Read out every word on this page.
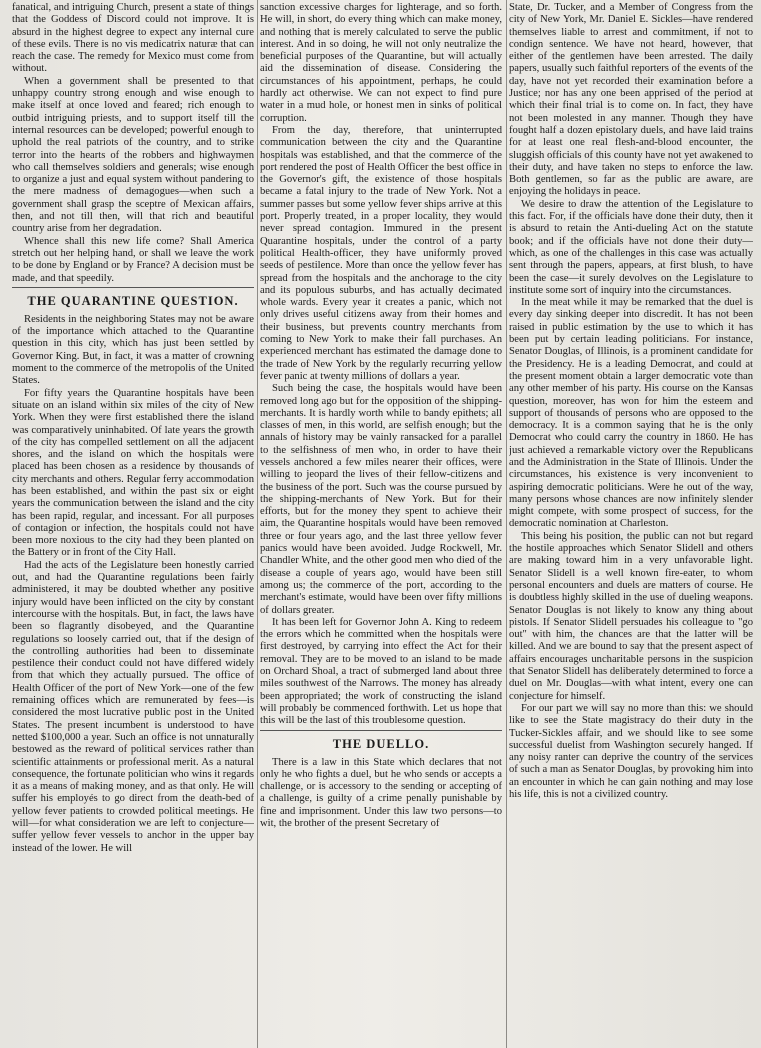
fanatical, and intriguing Church, present a state of things that the Goddess of Discord could not improve. It is absurd in the highest degree to expect any internal cure of these evils. There is no vis medicatrix naturæ that can reach the case. The remedy for Mexico must come from without.

When a government shall be presented to that unhappy country strong enough and wise enough to make itself at once loved and feared; rich enough to outbid intriguing priests, and to support itself till the internal resources can be developed; powerful enough to uphold the real patriots of the country, and to strike terror into the hearts of the robbers and highwaymen who call themselves soldiers and generals; wise enough to organize a just and equal system without pandering to the mere madness of demagogues—when such a government shall grasp the sceptre of Mexican affairs, then, and not till then, will that rich and beautiful country arise from her degradation.

Whence shall this new life come? Shall America stretch out her helping hand, or shall we leave the work to be done by England or by France? A decision must be made, and that speedily.

THE QUARANTINE QUESTION.

Residents in the neighboring States may not be aware of the importance which attached to the Quarantine question in this city, which has just been settled by Governor King. But, in fact, it was a matter of crowning moment to the commerce of the metropolis of the United States.

For fifty years the Quarantine hospitals have been situate on an island within six miles of the city of New York. When they were first established there the island was comparatively uninhabited. Of late years the growth of the city has compelled settlement on all the adjacent shores, and the island on which the hospitals were placed has been chosen as a residence by thousands of city merchants and others. Regular ferry accommodation has been established, and within the past six or eight years the communication between the island and the city has been rapid, regular, and incessant. For all purposes of contagion or infection, the hospitals could not have been more noxious to the city had they been planted on the Battery or in front of the City Hall.

Had the acts of the Legislature been honestly carried out, and had the Quarantine regulations been fairly administered, it may be doubted whether any positive injury would have been inflicted on the city by constant intercourse with the hospitals. But, in fact, the laws have been so flagrantly disobeyed, and the Quarantine regulations so loosely carried out, that if the design of the controlling authorities had been to disseminate pestilence their conduct could not have differed widely from that which they actually pursued. The office of Health Officer of the port of New York—one of the few remaining offices which are remunerated by fees—is considered the most lucrative public post in the United States. The present incumbent is understood to have netted $100,000 a year. Such an office is not unnaturally bestowed as the reward of political services rather than scientific attainments or professional merit. As a natural consequence, the fortunate politician who wins it regards it as a means of making money, and as that only. He will suffer his employés to go direct from the death-bed of yellow fever patients to crowded political meetings. He will—for what consideration we are left to conjecture—suffer yellow fever vessels to anchor in the upper bay instead of the lower. He will

sanction excessive charges for lighterage, and so forth. He will, in short, do every thing which can make money, and nothing that is merely calculated to serve the public interest. And in so doing, he will not only neutralize the beneficial purposes of the Quarantine, but will actually aid the dissemination of disease. Considering the circumstances of his appointment, perhaps, he could hardly act otherwise. We can not expect to find pure water in a mud hole, or honest men in sinks of political corruption.

From the day, therefore, that uninterrupted communication between the city and the Quarantine hospitals was established, and that the commerce of the port rendered the post of Health Officer the best office in the Governor's gift, the existence of those hospitals became a fatal injury to the trade of New York. Not a summer passes but some yellow fever ships arrive at this port. Properly treated, in a proper locality, they would never spread contagion. Immured in the present Quarantine hospitals, under the control of a party political Health-officer, they have uniformly proved seeds of pestilence. More than once the yellow fever has spread from the hospitals and the anchorage to the city and its populous suburbs, and has actually decimated whole wards. Every year it creates a panic, which not only drives useful citizens away from their homes and their business, but prevents country merchants from coming to New York to make their fall purchases. An experienced merchant has estimated the damage done to the trade of New York by the regularly recurring yellow fever panic at twenty millions of dollars a year.

Such being the case, the hospitals would have been removed long ago but for the opposition of the shipping-merchants. It is hardly worth while to bandy epithets; all classes of men, in this world, are selfish enough; but the annals of history may be vainly ransacked for a parallel to the selfishness of men who, in order to have their vessels anchored a few miles nearer their offices, were willing to jeopard the lives of their fellow-citizens and the business of the port. Such was the course pursued by the shipping-merchants of New York. But for their efforts, but for the money they spent to achieve their aim, the Quarantine hospitals would have been removed three or four years ago, and the last three yellow fever panics would have been avoided. Judge Rockwell, Mr. Chandler White, and the other good men who died of the disease a couple of years ago, would have been still among us; the commerce of the port, according to the merchant's estimate, would have been over fifty millions of dollars greater.

It has been left for Governor John A. King to redeem the errors which he committed when the hospitals were first destroyed, by carrying into effect the Act for their removal. They are to be moved to an island to be made on Orchard Shoal, a tract of submerged land about three miles southwest of the Narrows. The money has already been appropriated; the work of constructing the island will probably be commenced forthwith. Let us hope that this will be the last of this troublesome question.

THE DUELLO.

There is a law in this State which declares that not only he who fights a duel, but he who sends or accepts a challenge, or is accessory to the sending or accepting of a challenge, is guilty of a crime penally punishable by fine and imprisonment. Under this law two persons—to wit, the brother of the present Secretary of

State, Dr. Tucker, and a Member of Congress from the city of New York, Mr. Daniel E. Sickles—have rendered themselves liable to arrest and commitment, if not to condign sentence. We have not heard, however, that either of the gentlemen have been arrested. The daily papers, usually such faithful reporters of the events of the day, have not yet recorded their examination before a Justice; nor has any one been apprised of the period at which their final trial is to come on. In fact, they have not been molested in any manner. Though they have fought half a dozen epistolary duels, and have laid trains for at least one real flesh-and-blood encounter, the sluggish officials of this county have not yet awakened to their duty, and have taken no steps to enforce the law. Both gentlemen, so far as the public are aware, are enjoying the holidays in peace.

We desire to draw the attention of the Legislature to this fact. For, if the officials have done their duty, then it is absurd to retain the Anti-dueling Act on the statute book; and if the officials have not done their duty—which, as one of the challenges in this case was actually sent through the papers, appears, at first blush, to have been the case—it surely devolves on the Legislature to institute some sort of inquiry into the circumstances.

In the meat while it may be remarked that the duel is every day sinking deeper into discredit. It has not been raised in public estimation by the use to which it has been put by certain leading politicians. For instance, Senator Douglas, of Illinois, is a prominent candidate for the Presidency. He is a leading Democrat, and could at the present moment obtain a larger democratic vote than any other member of his party. His course on the Kansas question, moreover, has won for him the esteem and support of thousands of persons who are opposed to the democracy. It is a common saying that he is the only Democrat who could carry the country in 1860. He has just achieved a remarkable victory over the Republicans and the Administration in the State of Illinois. Under the circumstances, his existence is very inconvenient to aspiring democratic politicians. Were he out of the way, many persons whose chances are now infinitely slender might compete, with some prospect of success, for the democratic nomination at Charleston.

This being his position, the public can not but regard the hostile approaches which Senator Slidell and others are making toward him in a very unfavorable light. Senator Slidell is a well known fire-eater, to whom personal encounters and duels are matters of course. He is doubtless highly skilled in the use of dueling weapons. Senator Douglas is not likely to know any thing about pistols. If Senator Slidell persuades his colleague to "go out" with him, the chances are that the latter will be killed. And we are bound to say that the present aspect of affairs encourages uncharitable persons in the suspicion that Senator Slidell has deliberately determined to force a duel on Mr. Douglas—with what intent, every one can conjecture for himself.

For our part we will say no more than this: we should like to see the State magistracy do their duty in the Tucker-Sickles affair, and we should like to see some successful duelist from Washington securely hanged. If any noisy ranter can deprive the country of the services of such a man as Senator Douglas, by provoking him into an encounter in which he can gain nothing and may lose his life, this is not a civilized country.
